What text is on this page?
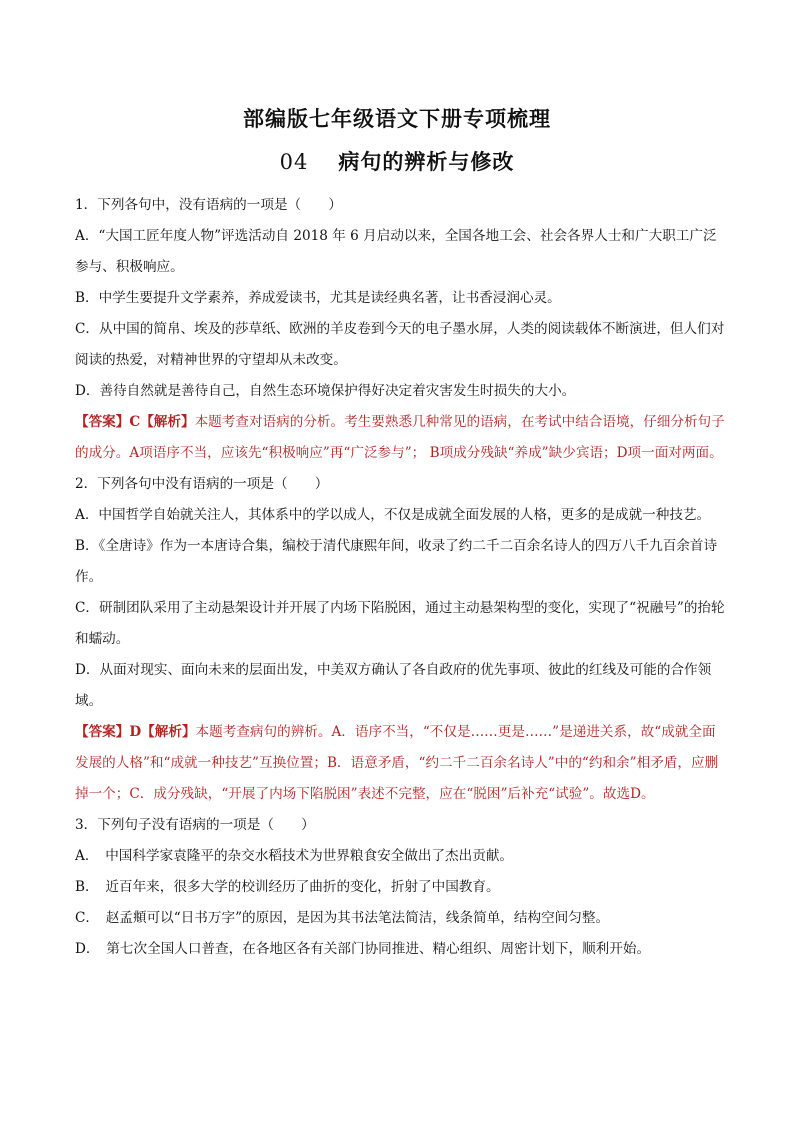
部编版七年级语文下册专项梳理
04 病句的辨析与修改

1．下列各句中，没有语病的一项是（　　）

A．“大国工匠年度人物”评选活动自 2018 年 6 月启动以来，全国各地工会、社会各界人士和广大职工广泛参与、积极响应。

B．中学生要提升文学素养，养成爱读书，尤其是读经典名著，让书香浸润心灵。

C．从中国的简帛、埃及的莎草纸、欧洲的羊皮卷到今天的电子墨水屏，人类的阅读载体不断演进，但人们对阅读的热爱，对精神世界的守望却从未改变。

D．善待自然就是善待自己，自然生态环境保护得好决定着灾害发生时损失的大小。

【答案】C【解析】本题考查对语病的分析。考生要熟悉几种常见的语病，在考试中结合语境，仔细分析句子的成分。A项语序不当，应该先“积极响应”再“广泛参与”； B项成分残缺“养成”缺少宾语；D项一面对两面。

2．下列各句中没有语病的一项是（　　）

A．中国哲学自始就关注人，其体系中的学以成人，不仅是成就全面发展的人格，更多的是成就一种技艺。

B．《全唐诗》作为一本唐诗合集，编校于清代康熙年间，收录了约二千二百余名诗人的四万八千九百余首诗作。

C．研制团队采用了主动悬架设计并开展了内场下陷脱困，通过主动悬架构型的变化，实现了“祝融号”的抬轮和蠕动。

D．从面对现实、面向未来的层面出发，中美双方确认了各自政府的优先事项、彼此的红线及可能的合作领域。

【答案】D【解析】本题考查病句的辨析。A．语序不当，“不仅是……更是……”是递进关系，故“成就全面发展的人格”和“成就一种技艺”互换位置；B．语意矛盾，“约二千二百余名诗人”中的“约和余”相矛盾，应删掉一个；C．成分残缺，“开展了内场下陷脱困”表述不完整，应在“脱困”后补充“试验”。故选D。

3．下列句子没有语病的一项是（　　）

A．　中国科学家袁隆平的杂交水稻技术为世界粮食安全做出了杰出贡献。

B．　近百年来，很多大学的校训经历了曲折的变化，折射了中国教育。

C．　赵孟頫可以“日书万字”的原因，是因为其书法笔法简洁，线条简单，结构空间匀整。

D．　第七次全国人口普查，在各地区各有关部门协同推进、精心组织、周密计划下，顺利开始。
